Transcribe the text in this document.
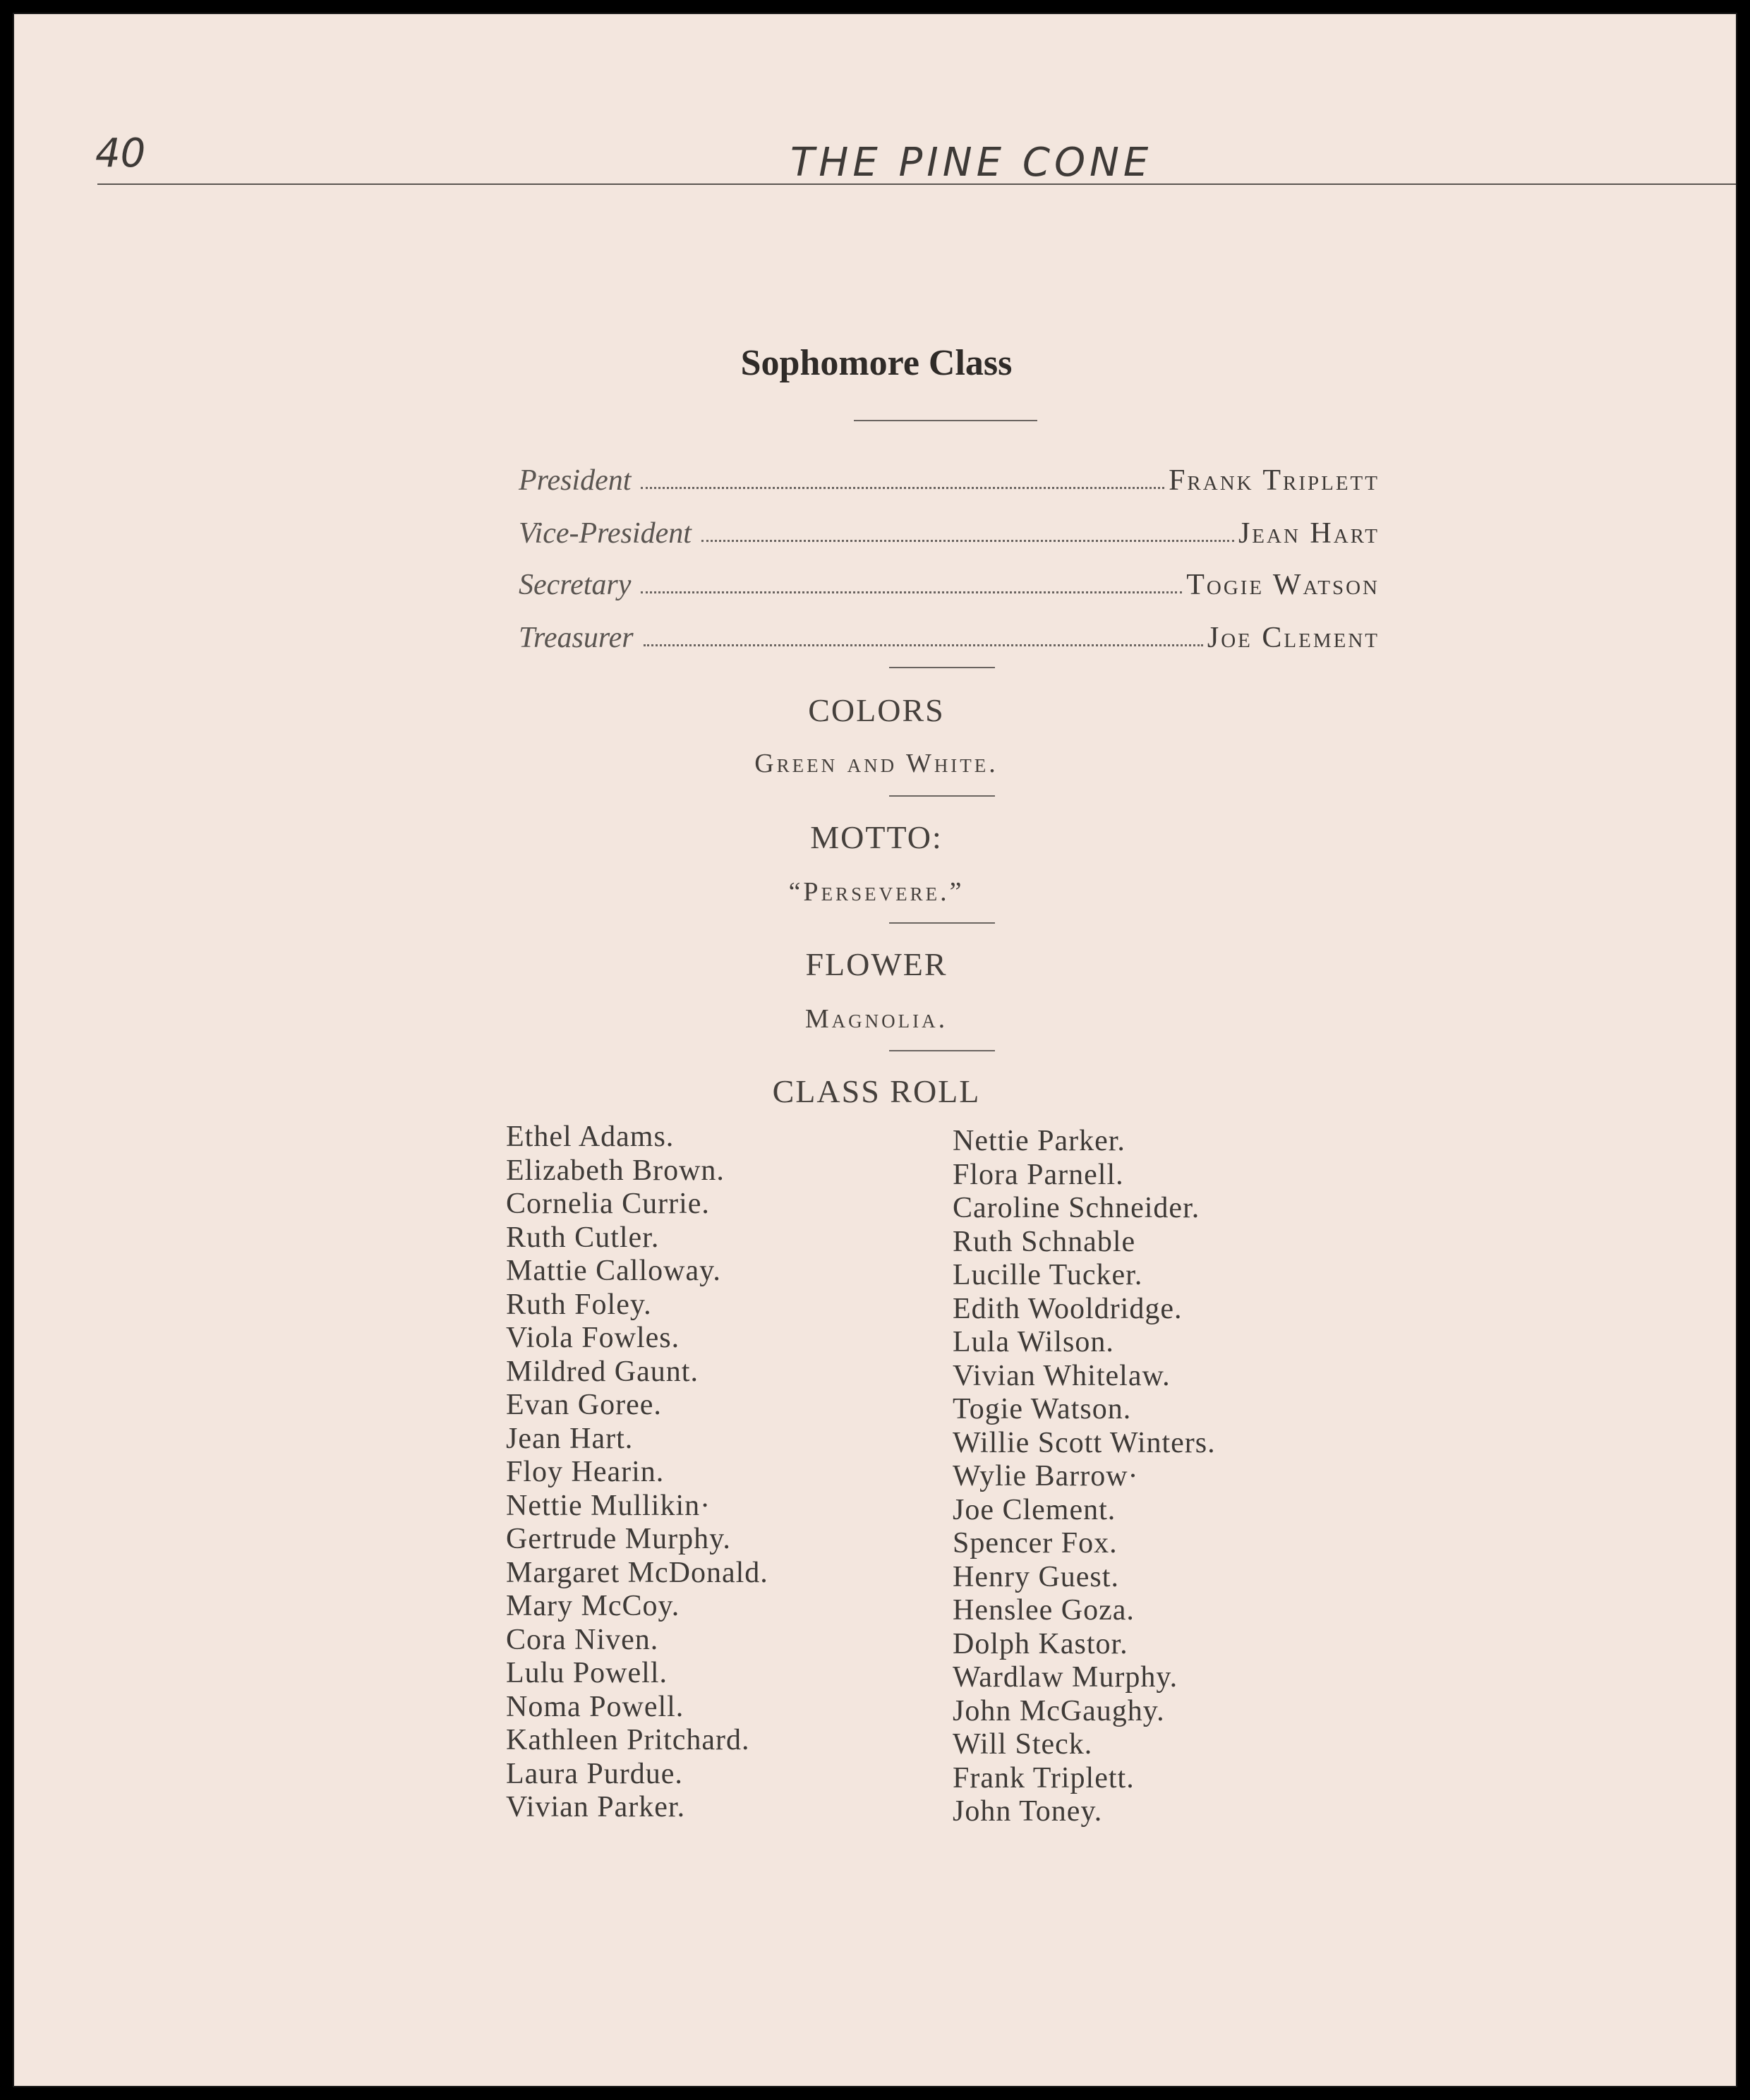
40	THE PINE CONE
Sophomore Class
President	Frank Triplett
Vice-President	Jean Hart
Secretary	Togie Watson
Treasurer	Joe Clement
COLORS
Green and White.
MOTTO:
“Persevere.”
FLOWER
Magnolia.
CLASS ROLL
Ethel Adams.
Elizabeth Brown.
Cornelia Currie.
Ruth Cutler.
Mattie Calloway.
Ruth Foley.
Viola Fowles.
Mildred Gaunt.
Evan Goree.
Jean Hart.
Floy Hearin.
Nettie Mullikin·
Gertrude Murphy.
Margaret McDonald.
Mary McCoy.
Cora Niven.
Lulu Powell.
Noma Powell.
Kathleen Pritchard.
Laura Purdue.
Vivian Parker.
Nettie Parker.
Flora Parnell.
Caroline Schneider.
Ruth Schnable
Lucille Tucker.
Edith Wooldridge.
Lula Wilson.
Vivian Whitelaw.
Togie Watson.
Willie Scott Winters.
Wylie Barrow·
Joe Clement.
Spencer Fox.
Henry Guest.
Henslee Goza.
Dolph Kastor.
Wardlaw Murphy.
John McGaughy.
Will Steck.
Frank Triplett.
John Toney.
